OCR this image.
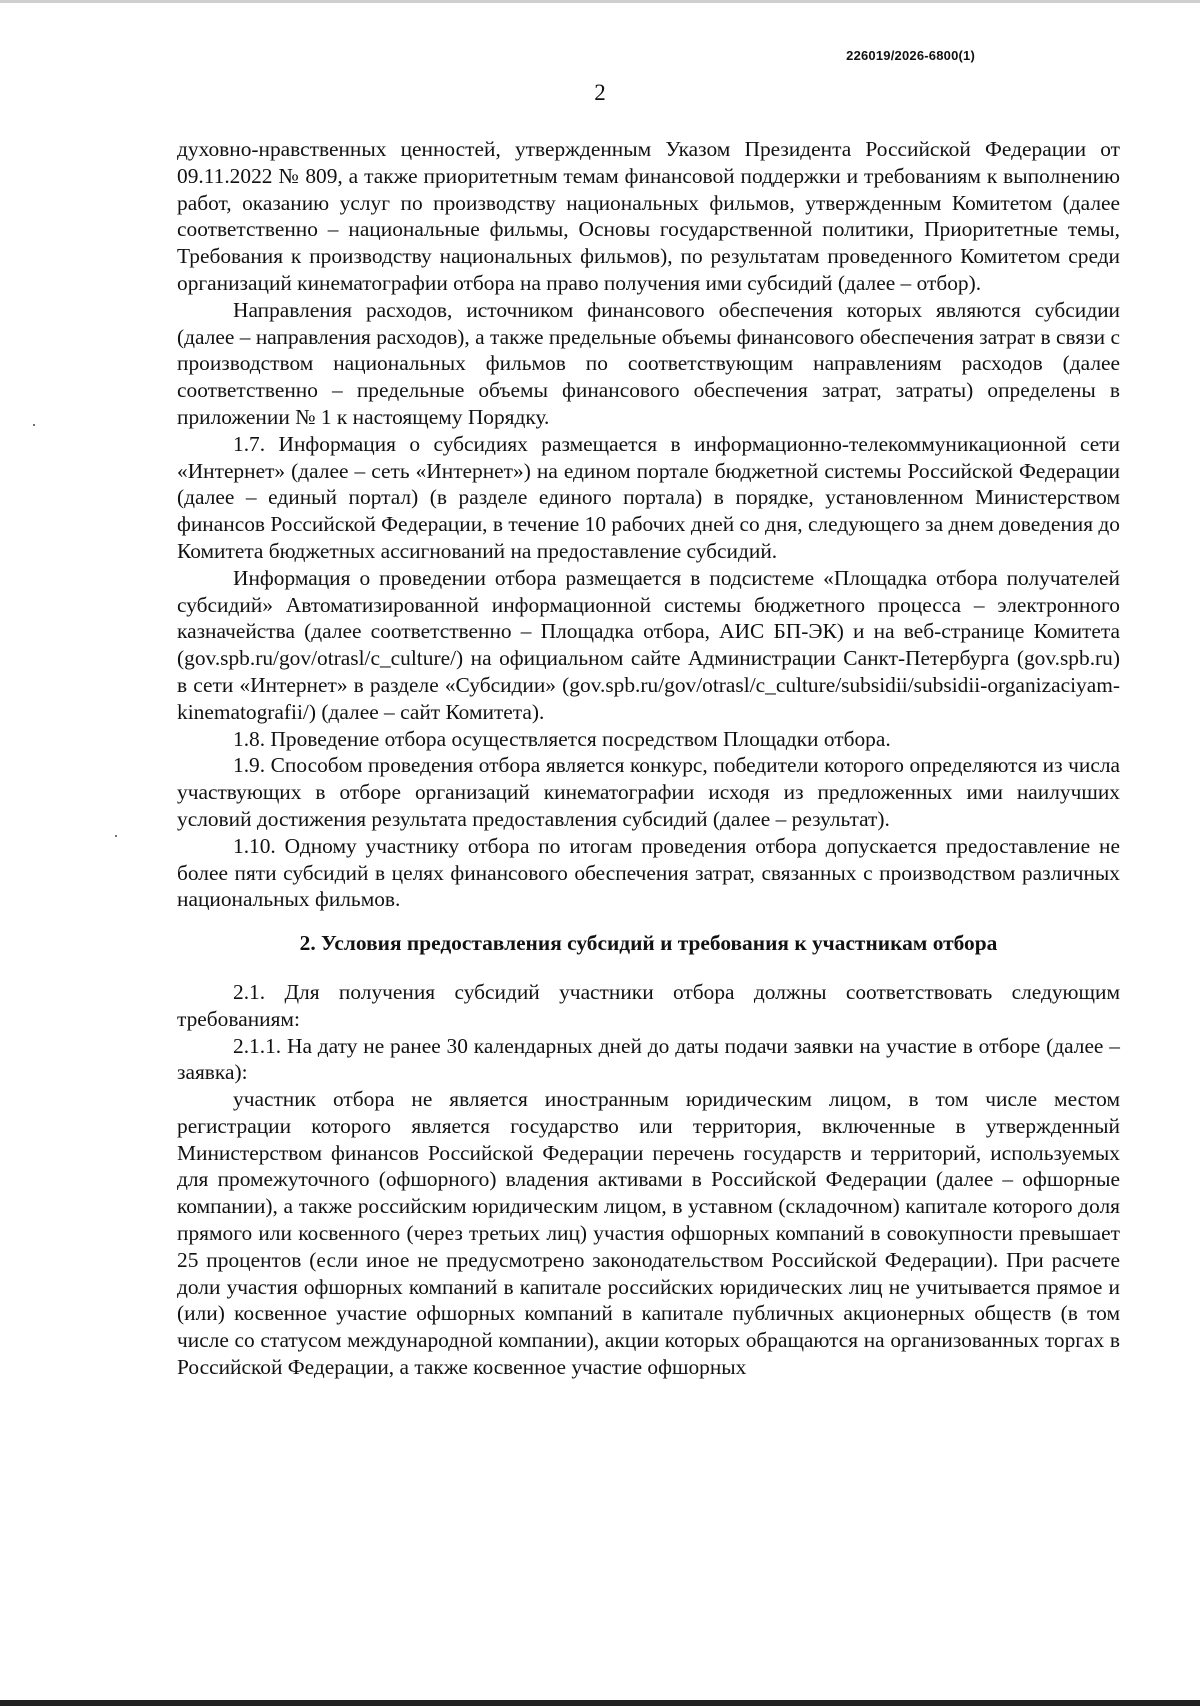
226019/2026-6800(1)
2

духовно-нравственных ценностей, утвержденным Указом Президента Российской Федерации от 09.11.2022 № 809, а также приоритетным темам финансовой поддержки и требованиям к выполнению работ, оказанию услуг по производству национальных фильмов, утвержденным Комитетом (далее соответственно – национальные фильмы, Основы государственной политики, Приоритетные темы, Требования к производству национальных фильмов), по результатам проведенного Комитетом среди организаций кинематографии отбора на право получения ими субсидий (далее – отбор).

Направления расходов, источником финансового обеспечения которых являются субсидии (далее – направления расходов), а также предельные объемы финансового обеспечения затрат в связи с производством национальных фильмов по соответствующим направлениям расходов (далее соответственно – предельные объемы финансового обеспечения затрат, затраты) определены в приложении № 1 к настоящему Порядку.

1.7. Информация о субсидиях размещается в информационно-телекоммуникационной сети «Интернет» (далее – сеть «Интернет») на едином портале бюджетной системы Российской Федерации (далее – единый портал) (в разделе единого портала) в порядке, установленном Министерством финансов Российской Федерации, в течение 10 рабочих дней со дня, следующего за днем доведения до Комитета бюджетных ассигнований на предоставление субсидий.

Информация о проведении отбора размещается в подсистеме «Площадка отбора получателей субсидий» Автоматизированной информационной системы бюджетного процесса – электронного казначейства (далее соответственно – Площадка отбора, АИС БП-ЭК) и на веб-странице Комитета (gov.spb.ru/gov/otrasl/c_culture/) на официальном сайте Администрации Санкт-Петербурга (gov.spb.ru) в сети «Интернет» в разделе «Субсидии» (gov.spb.ru/gov/otrasl/c_culture/subsidii/subsidii-organizaciyam-kinematografii/) (далее – сайт Комитета).

1.8. Проведение отбора осуществляется посредством Площадки отбора.

1.9. Способом проведения отбора является конкурс, победители которого определяются из числа участвующих в отборе организаций кинематографии исходя из предложенных ими наилучших условий достижения результата предоставления субсидий (далее – результат).

1.10. Одному участнику отбора по итогам проведения отбора допускается предоставление не более пяти субсидий в целях финансового обеспечения затрат, связанных с производством различных национальных фильмов.

2. Условия предоставления субсидий и требования к участникам отбора

2.1. Для получения субсидий участники отбора должны соответствовать следующим требованиям:

2.1.1. На дату не ранее 30 календарных дней до даты подачи заявки на участие в отборе (далее – заявка):

участник отбора не является иностранным юридическим лицом, в том числе местом регистрации которого является государство или территория, включенные в утвержденный Министерством финансов Российской Федерации перечень государств и территорий, используемых для промежуточного (офшорного) владения активами в Российской Федерации (далее – офшорные компании), а также российским юридическим лицом, в уставном (складочном) капитале которого доля прямого или косвенного (через третьих лиц) участия офшорных компаний в совокупности превышает 25 процентов (если иное не предусмотрено законодательством Российской Федерации). При расчете доли участия офшорных компаний в капитале российских юридических лиц не учитывается прямое и (или) косвенное участие офшорных компаний в капитале публичных акционерных обществ (в том числе со статусом международной компании), акции которых обращаются на организованных торгах в Российской Федерации, а также косвенное участие офшорных
